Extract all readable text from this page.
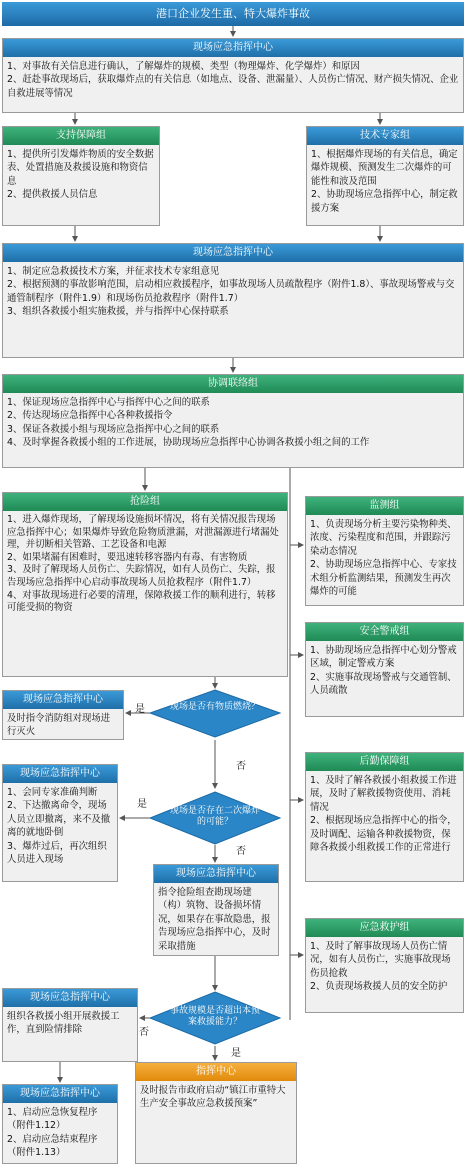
港口企业发生重、特大爆炸事故
现场应急指挥中心
1、对事故有关信息进行确认，了解爆炸的规模、类型（物理爆炸、化学爆炸）和原因
2、赶赴事故现场后，获取爆炸点的有关信息（如地点、设备、泄漏量）、人员伤亡情况、财产损失情况、企业自救进展等情况
支持保障组
1、提供所引发爆炸物质的安全数据表、处置措施及救援设施和物资信息
2、提供救援人员信息
技术专家组
1、根据爆炸现场的有关信息，确定爆炸规模、预测发生二次爆炸的可能性和波及范围
2、协助现场应急指挥中心，制定救援方案
现场应急指挥中心
1、制定应急救援技术方案，并征求技术专家组意见
2、根据预测的事故影响范围，启动相应救援程序，如事故现场人员疏散程序（附件1.8）、事故现场警戒与交通管制程序（附件1.9）和现场伤员抢救程序（附件1.7）
3、组织各救援小组实施救援，并与指挥中心保持联系
协调联络组
1、保证现场应急指挥中心与指挥中心之间的联系
2、传达现场应急指挥中心各种救援指令
3、保证各救援小组与现场应急指挥中心之间的联系
4、及时掌握各救援小组的工作进展，协助现场应急指挥中心协调各救援小组之间的工作
抢险组
1、进入爆炸现场，了解现场设施损坏情况，将有关情况报告现场应急指挥中心；如果爆炸导致危险物质泄漏，对泄漏源进行堵漏处理，并切断相关管路、工艺设备和电源
2、如果堵漏有困难时，要迅速转移容器内有毒、有害物质
3、及时了解现场人员伤亡、失踪情况，如有人员伤亡、失踪，报告现场应急指挥中心启动事故现场人员抢救程序（附件1.7）
4、对事故现场进行必要的清理，保障救援工作的顺利进行，转移可能受损的物资
监测组
1、负责现场分析主要污染物种类、浓度、污染程度和范围，并跟踪污染动态情况
2、协助现场应急指挥中心、专家技术组分析监测结果，预测发生再次爆炸的可能
安全警戒组
1、协助现场应急指挥中心划分警戒区域，制定警戒方案
2、实施事故现场警戒与交通管制、人员疏散
后勤保障组
1、及时了解各救援小组救援工作进展，及时了解救援物资使用、消耗情况
2、根据现场应急指挥中心的指令，及时调配、运输各种救援物资，保障各救援小组救援工作的正常进行
应急救护组
1、及时了解事故现场人员伤亡情况，如有人员伤亡，实施事故现场伤员抢救
2、负责现场救援人员的安全防护
现场应急指挥中心
及时指令消防组对现场进行灭火
现场应急指挥中心
1、会同专家准确判断
2、下达撤离命令，现场人员立即撤离，来不及撤离的就地卧倒
3、爆炸过后，再次组织人员进入现场
现场应急指挥中心
指令抢险组查勘现场建（构）筑物、设备损坏情况，如果存在事故隐患，报告现场应急指挥中心，及时采取措施
现场应急指挥中心
组织各救援小组开展救援工作，直到险情排除
现场应急指挥中心
1、启动应急恢复程序（附件1.12）
2、启动应急结束程序（附件1.13）
指挥中心
及时报告市政府启动“镇江市重特大生产安全事故应急救援预案”
现场是否有物质燃烧？
是
否
现场是否存在二次爆炸的可能？
是
否
事故规模是否超出本预案救援能力？
否
是
